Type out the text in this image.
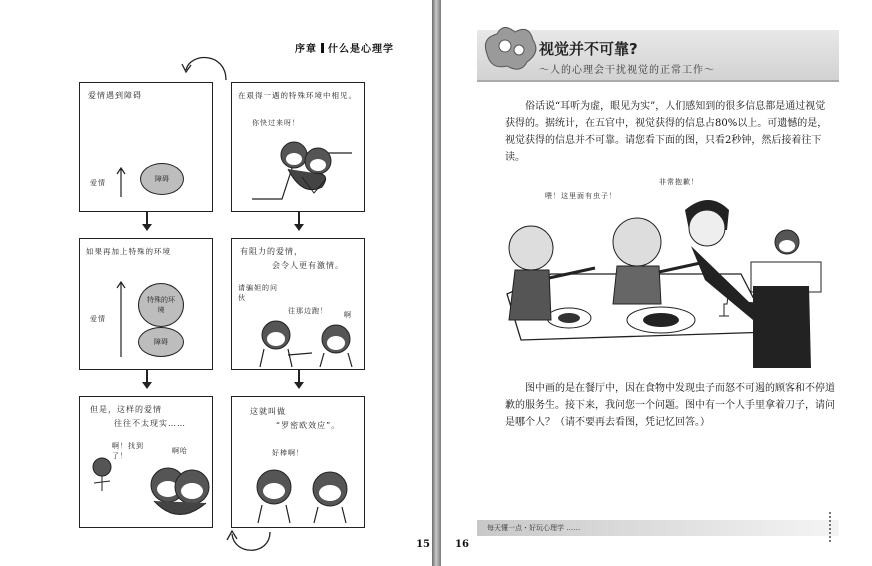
序章 什么是心理学
爱情遇到障碍
爱情	障碍
在艰得一遇的特殊环境中相见。
你快过来呀！
如果再加上特殊的环境
爱情
特殊的环境
障碍
有阻力的爱情，
会令人更有激情。
请骗妲的问伙
往那边跑！ 啊
但是，这样的爱情
往往不太现实……
啊！找到了！
啊哈
这就叫做
“罗密欧效应”。
好棒啊！
15
视觉并不可靠?
～人的心理会干扰视觉的正常工作～

俗话说“耳听为虚，眼见为实”，人们感知到的很多信息都是通过视觉获得的。据统计，在五官中，视觉获得的信息占80%以上。可遗憾的是，视觉获得的信息并不可靠。请您看下面的图，只看2秒钟，然后接着往下读。

喂！这里面有虫子！
非常抱歉！

图中画的是在餐厅中，因在食物中发现虫子而怒不可遏的顾客和不停道歉的服务生。接下来，我问您一个问题。图中有一个人手里拿着刀子，请问是哪个人？（请不要再去看图，凭记忆回答。）

每天懂一点・好玩心理学 ……
16
